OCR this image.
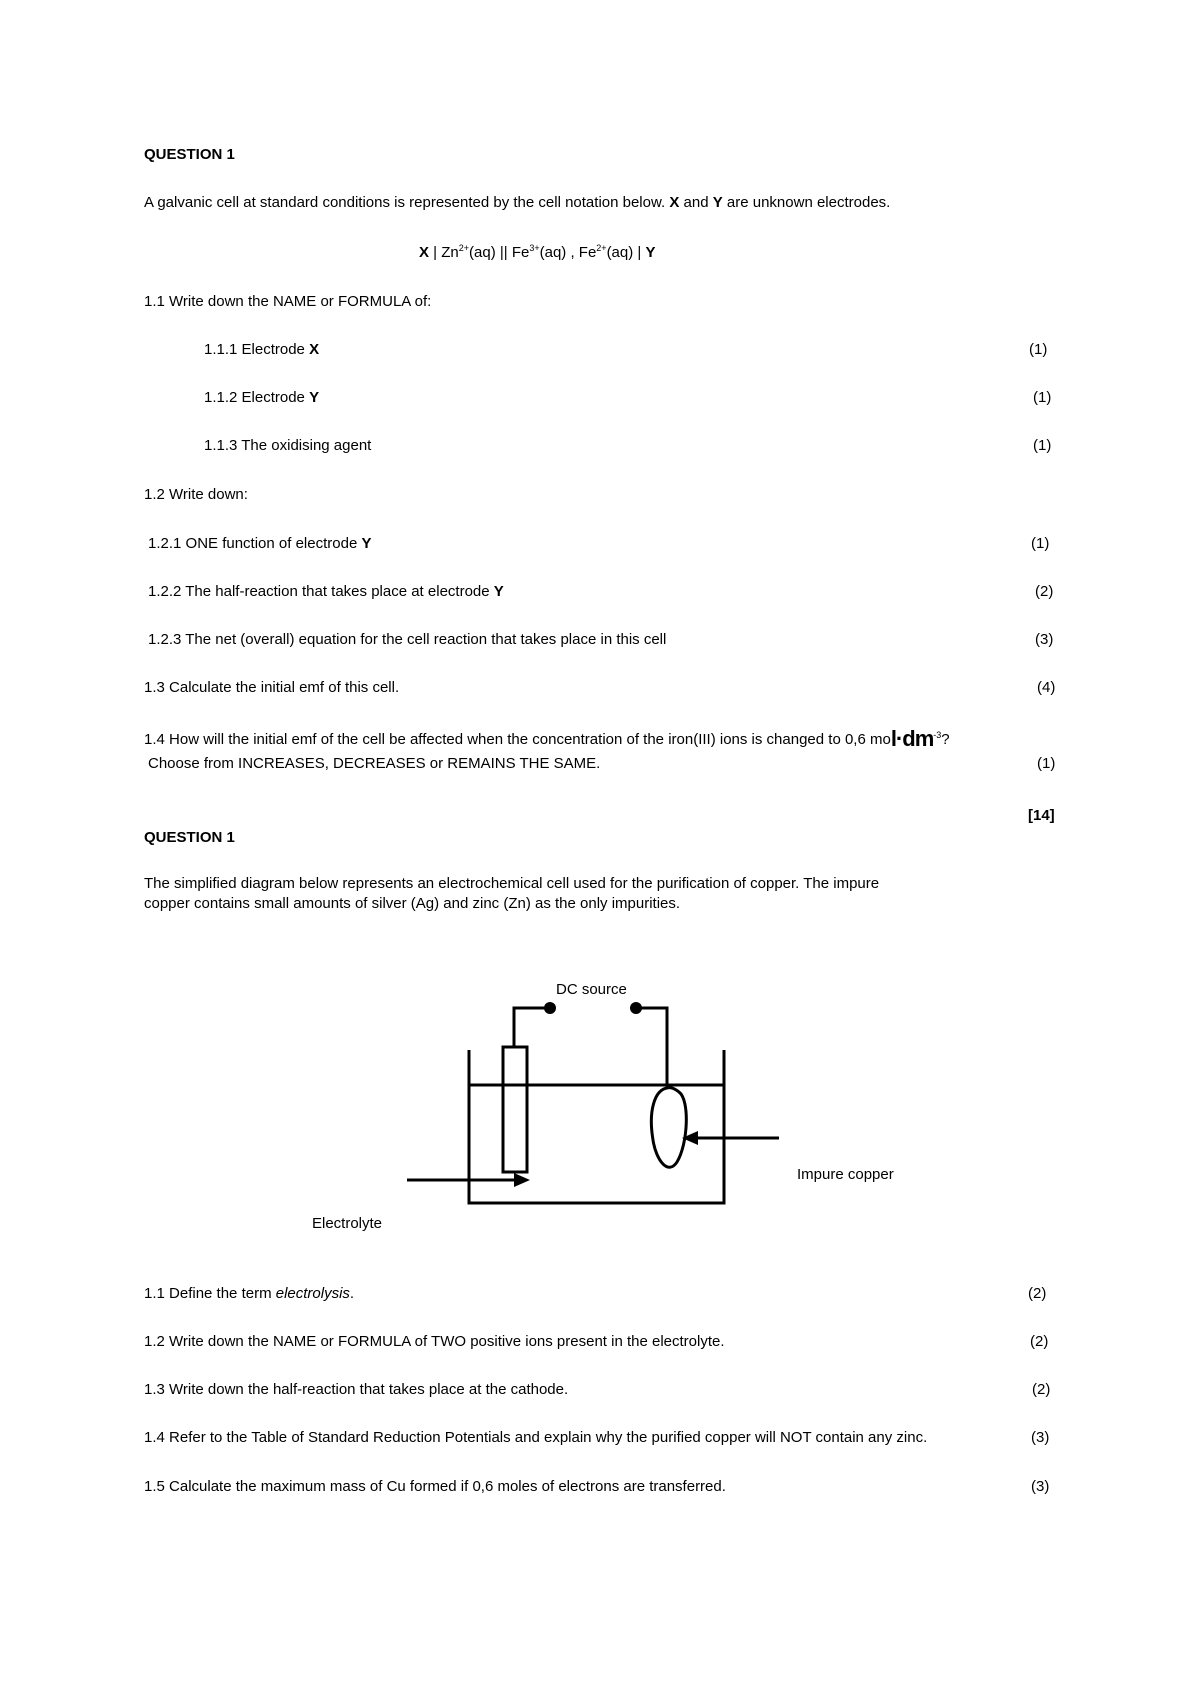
QUESTION 1
A galvanic cell at standard conditions is represented by the cell notation below. X and Y are unknown electrodes.
X | $Zn^{2+}(aq)$ || $Fe^{3+}(aq)$ , $Fe^{2+}(aq)$ | Y
1.1 Write down the NAME or FORMULA of:
1.1.1 Electrode X	(1)
1.1.2 Electrode Y	(1)
1.1.3 The oxidising agent	(1)
1.2 Write down:
1.2.1 ONE function of electrode Y	(1)
1.2.2 The half-reaction that takes place at electrode Y	(2)
1.2.3 The net (overall) equation for the cell reaction that takes place in this cell	(3)
1.3 Calculate the initial emf of this cell.	(4)
1.4 How will the initial emf of the cell be affected when the concentration of the iron(III) ions is changed to 0,6 $mol\cdot dm^{-3}$?
Choose from INCREASES, DECREASES or REMAINS THE SAME.	(1)
[14]
QUESTION 1
The simplified diagram below represents an electrochemical cell used for the purification of copper. The impure
copper contains small amounts of silver (Ag) and zinc (Zn) as the only impurities.
DC source
Impure copper
Electrolyte
1.1 Define the term electrolysis.	(2)
1.2 Write down the NAME or FORMULA of TWO positive ions present in the electrolyte.	(2)
1.3 Write down the half-reaction that takes place at the cathode.	(2)
1.4 Refer to the Table of Standard Reduction Potentials and explain why the purified copper will NOT contain any zinc.	(3)
1.5 Calculate the maximum mass of Cu formed if 0,6 moles of electrons are transferred.	(3)
